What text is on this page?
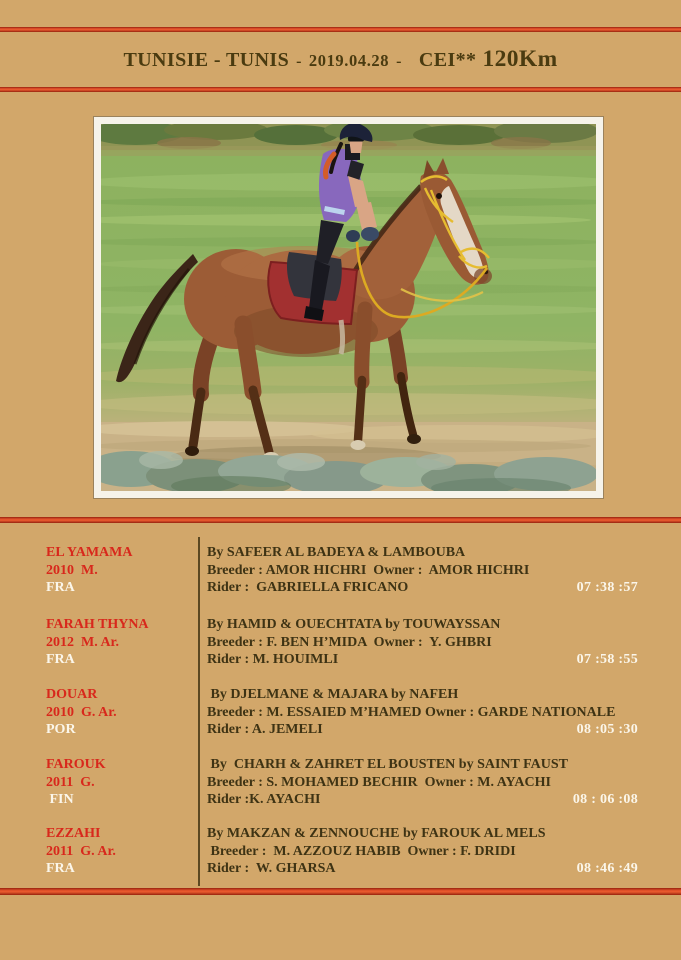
TUNISIE - TUNIS - 2019.04.28 - CEI** 120Km
EL YAMAMA
2010  M.
FRA
By SAFEER AL BADEYA & LAMBOUBA
Breeder : AMOR HICHRI  Owner :  AMOR HICHRI
Rider :  GABRIELLA FRICANO	07 :38 :57
FARAH THYNA
2012  M. Ar.
FRA
By HAMID & OUECHTATA by TOUWAYSSAN
Breeder : F. BEN H’MIDA  Owner :  Y. GHBRI
Rider : M. HOUIMLI	07 :58 :55
DOUAR
2010  G. Ar.
POR
By DJELMANE & MAJARA by NAFEH
Breeder : M. ESSAIED M’HAMED Owner : GARDE NATIONALE
Rider : A. JEMELI	08 :05 :30
FAROUK
2011  G.
FIN
By  CHARH & ZAHRET EL BOUSTEN by SAINT FAUST
Breeder : S. MOHAMED BECHIR  Owner : M. AYACHI
Rider :K. AYACHI	08 : 06 :08
EZZAHI
2011  G. Ar.
FRA
By MAKZAN & ZENNOUCHE by FAROUK AL MELS
Breeder :  M. AZZOUZ HABIB  Owner : F. DRIDI
Rider :  W. GHARSA	08 :46 :49
